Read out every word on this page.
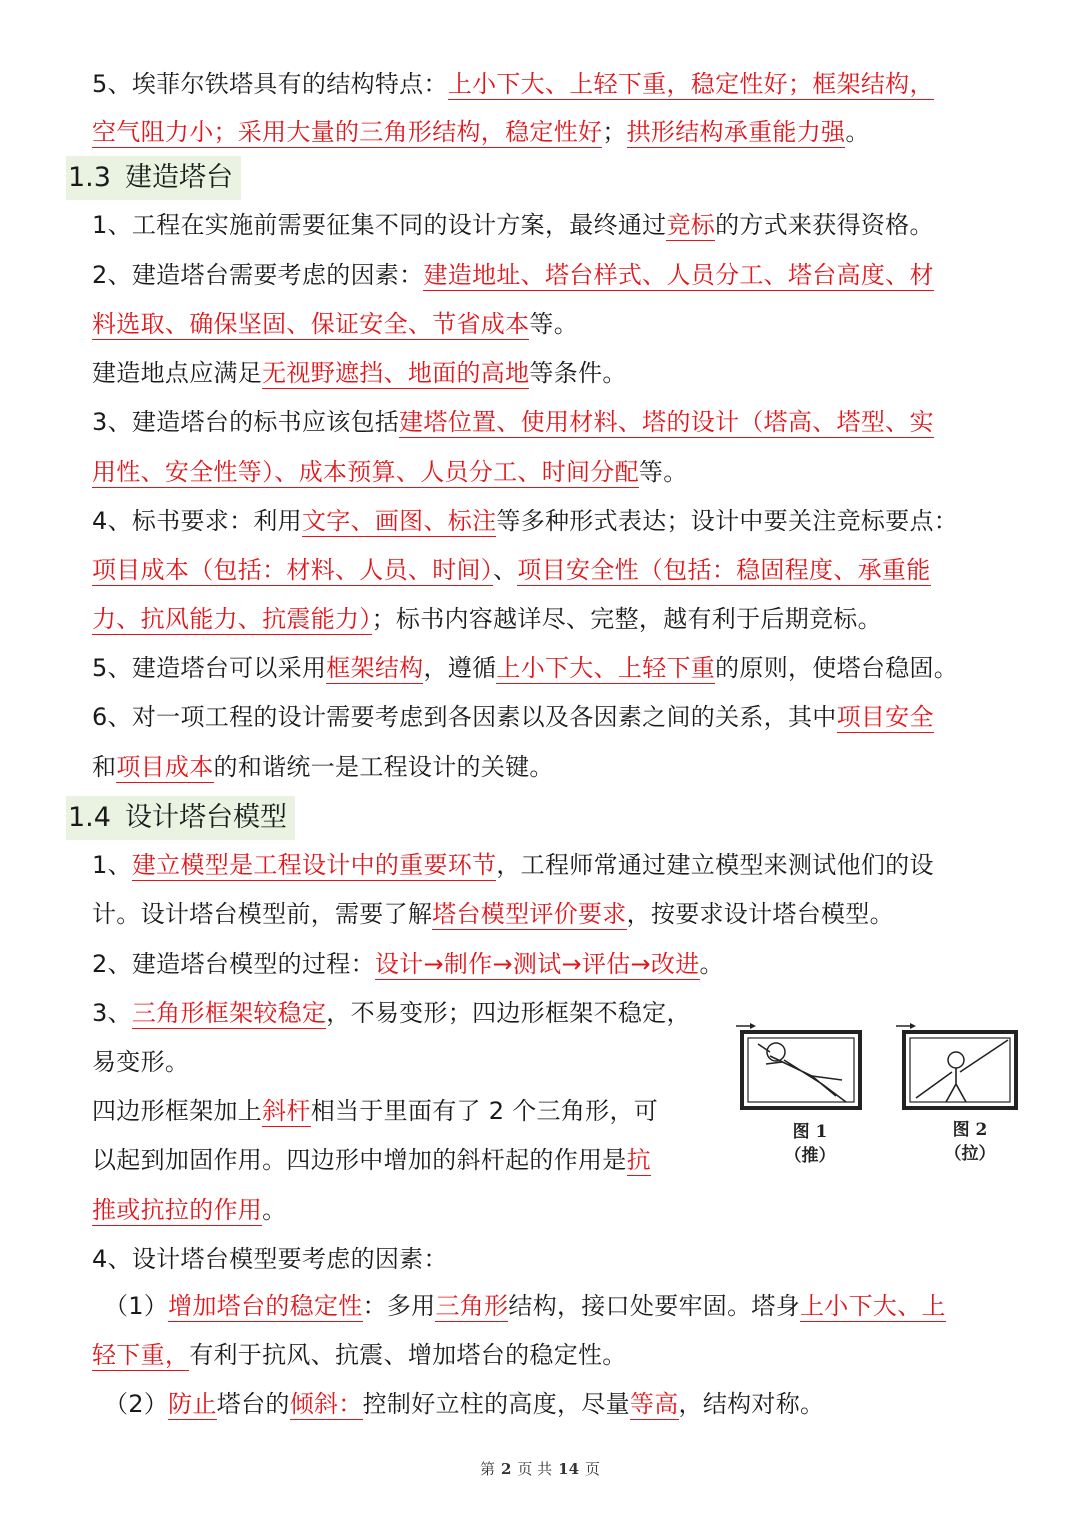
5、埃菲尔铁塔具有的结构特点：上小下大、上轻下重，稳定性好；框架结构，
空气阻力小；采用大量的三角形结构，稳定性好；拱形结构承重能力强。
1.3 建造塔台
1、工程在实施前需要征集不同的设计方案，最终通过竞标的方式来获得资格。
2、建造塔台需要考虑的因素：建造地址、塔台样式、人员分工、塔台高度、材
料选取、确保坚固、保证安全、节省成本等。
建造地点应满足无视野遮挡、地面的高地等条件。
3、建造塔台的标书应该包括建塔位置、使用材料、塔的设计（塔高、塔型、实
用性、安全性等）、成本预算、人员分工、时间分配等。
4、标书要求：利用文字、画图、标注等多种形式表达；设计中要关注竞标要点：
项目成本（包括：材料、人员、时间）、项目安全性（包括：稳固程度、承重能
力、抗风能力、抗震能力）；标书内容越详尽、完整，越有利于后期竞标。
5、建造塔台可以采用框架结构，遵循上小下大、上轻下重的原则，使塔台稳固。
6、对一项工程的设计需要考虑到各因素以及各因素之间的关系，其中项目安全
和项目成本的和谐统一是工程设计的关键。
1.4 设计塔台模型
1、建立模型是工程设计中的重要环节，工程师常通过建立模型来测试他们的设
计。设计塔台模型前，需要了解塔台模型评价要求，按要求设计塔台模型。
2、建造塔台模型的过程：设计→制作→测试→评估→改进。
3、三角形框架较稳定，不易变形；四边形框架不稳定，
易变形。
四边形框架加上斜杆相当于里面有了 2 个三角形，可
以起到加固作用。四边形中增加的斜杆起的作用是抗
推或抗拉的作用。
4、设计塔台模型要考虑的因素：
（1）增加塔台的稳定性：多用三角形结构，接口处要牢固。塔身上小下大、上
轻下重，有利于抗风、抗震、增加塔台的稳定性。
（2）防止塔台的倾斜：控制好立柱的高度，尽量等高，结构对称。
图 1
（推）
图 2
（拉）
第 2 页 共 14 页
